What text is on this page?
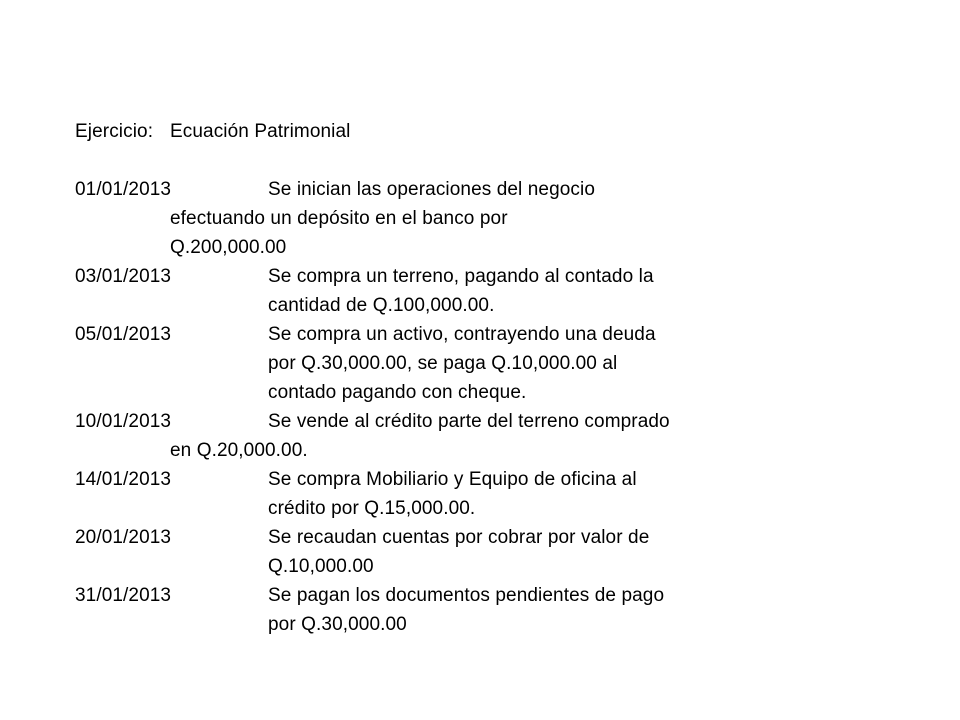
Ejercicio: Ecuación Patrimonial
01/01/2013	Se inician las operaciones del negocio
efectuando un depósito en el banco por
Q.200,000.00
03/01/2013	Se compra un terreno, pagando al contado la
cantidad de Q.100,000.00.
05/01/2013	Se compra un activo, contrayendo una deuda
por Q.30,000.00, se paga Q.10,000.00 al
contado pagando con cheque.
10/01/2013	Se vende al crédito parte del terreno comprado
en Q.20,000.00.
14/01/2013	Se compra Mobiliario y Equipo de oficina al
crédito por Q.15,000.00.
20/01/2013	Se recaudan cuentas por cobrar por valor de
Q.10,000.00
31/01/2013	Se pagan los documentos pendientes de pago
por Q.30,000.00
